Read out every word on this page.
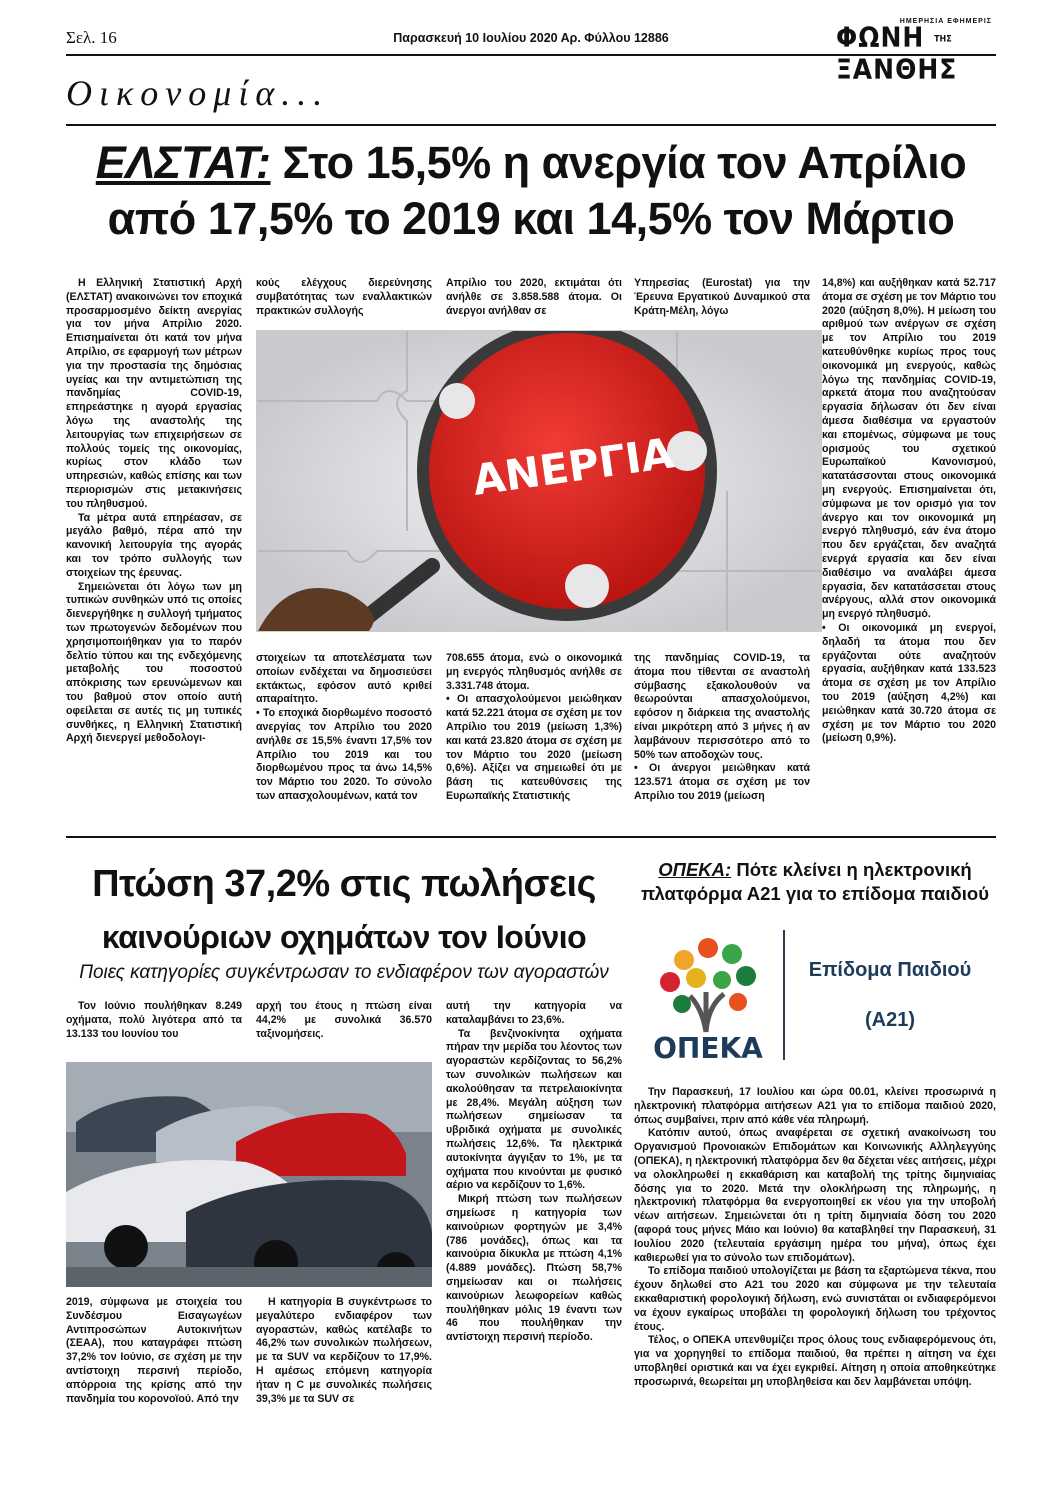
Σελ. 16	Παρασκευή 10 Ιουλίου 2020 Αρ. Φύλλου 12886
ΗΜΕΡΗΣΙΑ ΕΦΗΜΕΡΙΣ
ΦΩΝΗ ΤΗΣ ΞΑΝΘΗΣ
Οικονομία...
ΕΛΣΤΑΤ: Στο 15,5% η ανεργία τον Απρίλιο
από 17,5% το 2019 και 14,5% τον Μάρτιο

Η Ελληνική Στατιστική Αρχή (ΕΛΣΤΑΤ) ανακοινώνει τον εποχικά προσαρμοσμένο δείκτη ανεργίας για τον μήνα Απρίλιο 2020. Επισημαίνεται ότι κατά τον μήνα Απρίλιο, σε εφαρμογή των μέτρων για την προστασία της δημόσιας υγείας και την αντιμετώπιση της πανδημίας COVID-19, επηρεάστηκε η αγορά εργασίας λόγω της αναστολής της λειτουργίας των επιχειρήσεων σε πολλούς τομείς της οικονομίας, κυρίως στον κλάδο των υπηρεσιών, καθώς επίσης και των περιορισμών στις μετακινήσεις του πληθυσμού.

Τα μέτρα αυτά επηρέασαν, σε μεγάλο βαθμό, πέρα από την κανονική λειτουργία της αγοράς και τον τρόπο συλλογής των στοιχείων της έρευνας.

Σημειώνεται ότι λόγω των μη τυπικών συνθηκών υπό τις οποίες διενεργήθηκε η συλλογή τμήματος των πρωτογενών δεδομένων που χρησιμοποιήθηκαν για το παρόν δελτίο τύπου και της ενδεχόμενης μεταβολής του ποσοστού απόκρισης των ερευνώμενων και του βαθμού στον οποίο αυτή οφείλεται σε αυτές τις μη τυπικές συνθήκες, η Ελληνική Στατιστική Αρχή διενεργεί μεθοδολογι-

κούς ελέγχους διερεύνησης συμβατότητας των εναλλακτικών πρακτικών συλλογής

Απρίλιο του 2020, εκτιμάται ότι ανήλθε σε 3.858.588 άτομα. Οι άνεργοι ανήλθαν σε

Υπηρεσίας (Eurostat) για την Έρευνα Εργατικού Δυναμικού στα Κράτη-Μέλη, λόγω

ΑΝΕΡΓΙΑ

στοιχείων τα αποτελέσματα των οποίων ενδέχεται να δημοσιεύσει εκτάκτως, εφόσον αυτό κριθεί απαραίτητο.

• Το εποχικά διορθωμένο ποσοστό ανεργίας τον Απρίλιο του 2020 ανήλθε σε 15,5% έναντι 17,5% τον Απρίλιο του 2019 και του διορθωμένου προς τα άνω 14,5% τον Μάρτιο του 2020. Το σύνολο των απασχολουμένων, κατά τον

708.655 άτομα, ενώ ο οικονομικά μη ενεργός πληθυσμός ανήλθε σε 3.331.748 άτομα.

• Οι απασχολούμενοι μειώθηκαν κατά 52.221 άτομα σε σχέση με τον Απρίλιο του 2019 (μείωση 1,3%) και κατά 23.820 άτομα σε σχέση με τον Μάρτιο του 2020 (μείωση 0,6%). Αξίζει να σημειωθεί ότι με βάση τις κατευθύνσεις της Ευρωπαϊκής Στατιστικής

της πανδημίας COVID-19, τα άτομα που τίθενται σε αναστολή σύμβασης εξακολουθούν να θεωρούνται απασχολούμενοι, εφόσον η διάρκεια της αναστολής είναι μικρότερη από 3 μήνες ή αν λαμβάνουν περισσότερο από το 50% των αποδοχών τους.

• Οι άνεργοι μειώθηκαν κατά 123.571 άτομα σε σχέση με τον Απρίλιο του 2019 (μείωση

14,8%) και αυξήθηκαν κατά 52.717 άτομα σε σχέση με τον Μάρτιο του 2020 (αύξηση 8,0%). Η μείωση του αριθμού των ανέργων σε σχέση με τον Απρίλιο του 2019 κατευθύνθηκε κυρίως προς τους οικονομικά μη ενεργούς, καθώς λόγω της πανδημίας COVID-19, αρκετά άτομα που αναζητούσαν εργασία δήλωσαν ότι δεν είναι άμεσα διαθέσιμα να εργαστούν και επομένως, σύμφωνα με τους ορισμούς του σχετικού Ευρωπαϊκού Κανονισμού, κατατάσσονται στους οικονομικά μη ενεργούς. Επισημαίνεται ότι, σύμφωνα με τον ορισμό για τον άνεργο και τον οικονομικά μη ενεργό πληθυσμό, εάν ένα άτομο που δεν εργάζεται, δεν αναζητά ενεργά εργασία και δεν είναι διαθέσιμο να αναλάβει άμεσα εργασία, δεν κατατάσσεται στους ανέργους, αλλά στον οικονομικά μη ενεργό πληθυσμό.

• Οι οικονομικά μη ενεργοί, δηλαδή τα άτομα που δεν εργάζονται ούτε αναζητούν εργασία, αυξήθηκαν κατά 133.523 άτομα σε σχέση με τον Απρίλιο του 2019 (αύξηση 4,2%) και μειώθηκαν κατά 30.720 άτομα σε σχέση με τον Μάρτιο του 2020 (μείωση 0,9%).

Πτώση 37,2% στις πωλήσεις
καινούριων οχημάτων τον Ιούνιο
Ποιες κατηγορίες συγκέντρωσαν το ενδιαφέρον των αγοραστών

Τον Ιούνιο πουλήθηκαν 8.249 οχήματα, πολύ λιγότερα από τα 13.133 του Ιουνίου του

αρχή του έτους η πτώση είναι 44,2% με συνολικά 36.570 ταξινομήσεις.

αυτή την κατηγορία να καταλαμβάνει το 23,6%.

Τα βενζινοκίνητα οχήματα πήραν την μερίδα του λέοντος των αγοραστών κερδίζοντας το 56,2% των συνολικών πωλήσεων και ακολούθησαν τα πετρελαιοκίνητα με 28,4%. Μεγάλη αύξηση των πωλήσεων σημείωσαν τα υβριδικά οχήματα με συνολικές πωλήσεις 12,6%. Τα ηλεκτρικά αυτοκίνητα άγγιξαν το 1%, με τα οχήματα που κινούνται με φυσικό αέριο να κερδίζουν το 1,6%.

Μικρή πτώση των πωλήσεων σημείωσε η κατηγορία των καινούριων φορτηγών με 3,4% (786 μονάδες), όπως και τα καινούρια δίκυκλα με πτώση 4,1% (4.889 μονάδες). Πτώση 58,7% σημείωσαν και οι πωλήσεις καινούριων λεωφορείων καθώς πουλήθηκαν μόλις 19 έναντι των 46 που πουλήθηκαν την αντίστοιχη περσινή περίοδο.

2019, σύμφωνα με στοιχεία του Συνδέσμου Εισαγωγέων Αντιπροσώπων Αυτοκινήτων (ΣΕΑΑ), που καταγράφει πτώση 37,2% τον Ιούνιο, σε σχέση με την αντίστοιχη περσινή περίοδο, απόρροια της κρίσης από την πανδημία του κορονοϊού. Από την

Η κατηγορία Β συγκέντρωσε το μεγαλύτερο ενδιαφέρον των αγοραστών, καθώς κατέλαβε το 46,2% των συνολικών πωλήσεων, με τα SUV να κερδίζουν το 17,9%. Η αμέσως επόμενη κατηγορία ήταν η C με συνολικές πωλήσεις 39,3% με τα SUV σε

ΟΠΕΚΑ: Πότε κλείνει η ηλεκτρονική πλατφόρμα Α21 για το επίδομα παιδιού
ΟΠΕΚΑ
Επίδομα Παιδιού
(Α21)

Την Παρασκευή, 17 Ιουλίου και ώρα 00.01, κλείνει προσωρινά η ηλεκτρονική πλατφόρμα αιτήσεων Α21 για το επίδομα παιδιού 2020, όπως συμβαίνει, πριν από κάθε νέα πληρωμή.

Κατόπιν αυτού, όπως αναφέρεται σε σχετική ανακοίνωση του Οργανισμού Προνοιακών Επιδομάτων και Κοινωνικής Αλληλεγγύης (ΟΠΕΚΑ), η ηλεκτρονική πλατφόρμα δεν θα δέχεται νέες αιτήσεις, μέχρι να ολοκληρωθεί η εκκαθάριση και καταβολή της τρίτης διμηνιαίας δόσης για το 2020. Μετά την ολοκλήρωση της πληρωμής, η ηλεκτρονική πλατφόρμα θα ενεργοποιηθεί εκ νέου για την υποβολή νέων αιτήσεων. Σημειώνεται ότι η τρίτη διμηνιαία δόση του 2020 (αφορά τους μήνες Μάιο και Ιούνιο) θα καταβληθεί την Παρασκευή, 31 Ιουλίου 2020 (τελευταία εργάσιμη ημέρα του μήνα), όπως έχει καθιερωθεί για το σύνολο των επιδομάτων).

Το επίδομα παιδιού υπολογίζεται με βάση τα εξαρτώμενα τέκνα, που έχουν δηλωθεί στο Α21 του 2020 και σύμφωνα με την τελευταία εκκαθαριστική φορολογική δήλωση, ενώ συνιστάται οι ενδιαφερόμενοι να έχουν εγκαίρως υποβάλει τη φορολογική δήλωση του τρέχοντος έτους.

Τέλος, ο ΟΠΕΚΑ υπενθυμίζει προς όλους τους ενδιαφερόμενους ότι, για να χορηγηθεί το επίδομα παιδιού, θα πρέπει η αίτηση να έχει υποβληθεί οριστικά και να έχει εγκριθεί. Αίτηση η οποία αποθηκεύτηκε προσωρινά, θεωρείται μη υποβληθείσα και δεν λαμβάνεται υπόψη.
